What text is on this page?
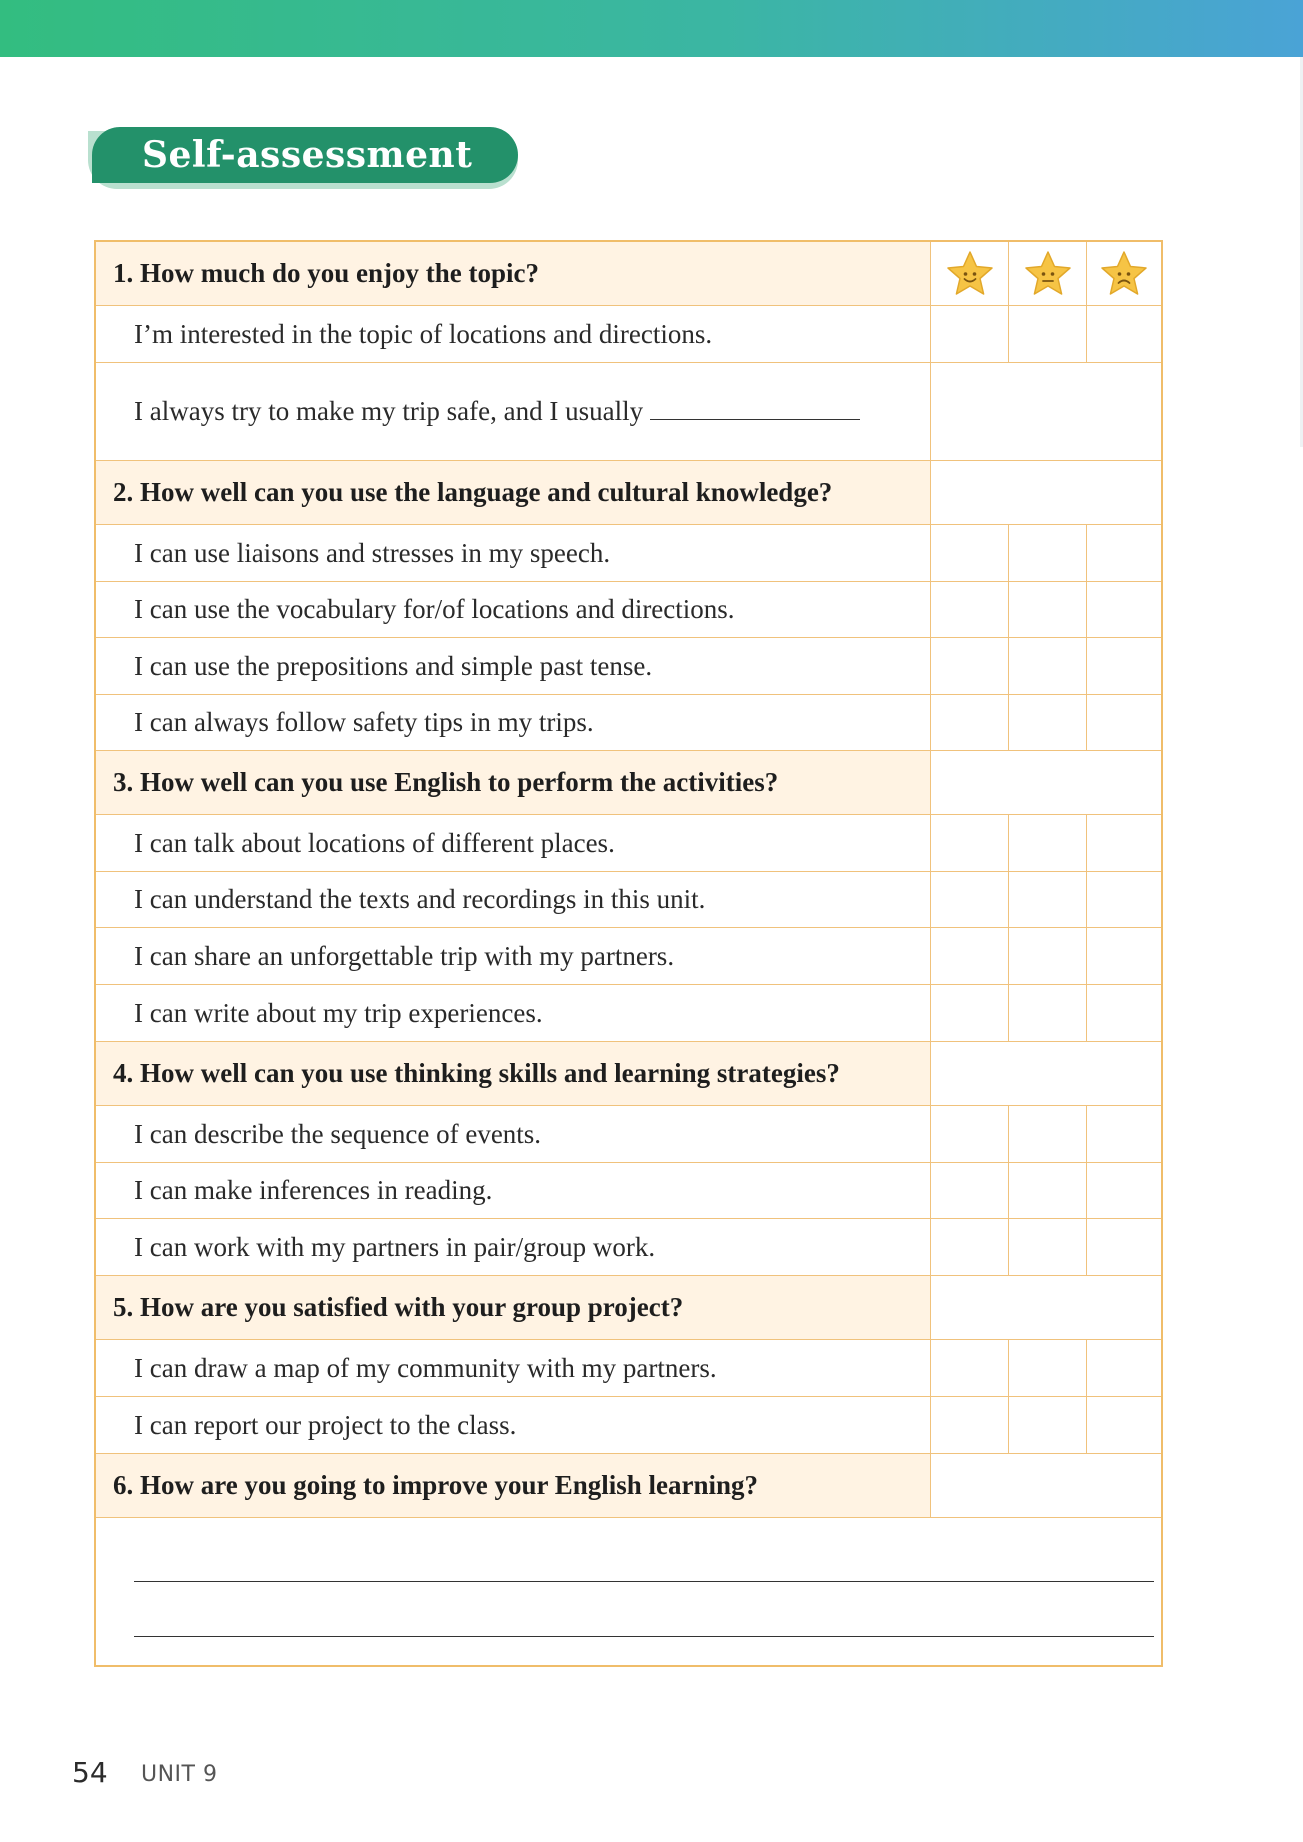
Self-assessment
1. How much do you enjoy the topic?
I’m interested in the topic of locations and directions.
I always try to make my trip safe, and I usually
2. How well can you use the language and cultural knowledge?
I can use liaisons and stresses in my speech.
I can use the vocabulary for/of locations and directions.
I can use the prepositions and simple past tense.
I can always follow safety tips in my trips.
3. How well can you use English to perform the activities?
I can talk about locations of different places.
I can understand the texts and recordings in this unit.
I can share an unforgettable trip with my partners.
I can write about my trip experiences.
4. How well can you use thinking skills and learning strategies?
I can describe the sequence of events.
I can make inferences in reading.
I can work with my partners in pair/group work.
5. How are you satisfied with your group project?
I can draw a map of my community with my partners.
I can report our project to the class.
6. How are you going to improve your English learning?
54 UNIT 9
